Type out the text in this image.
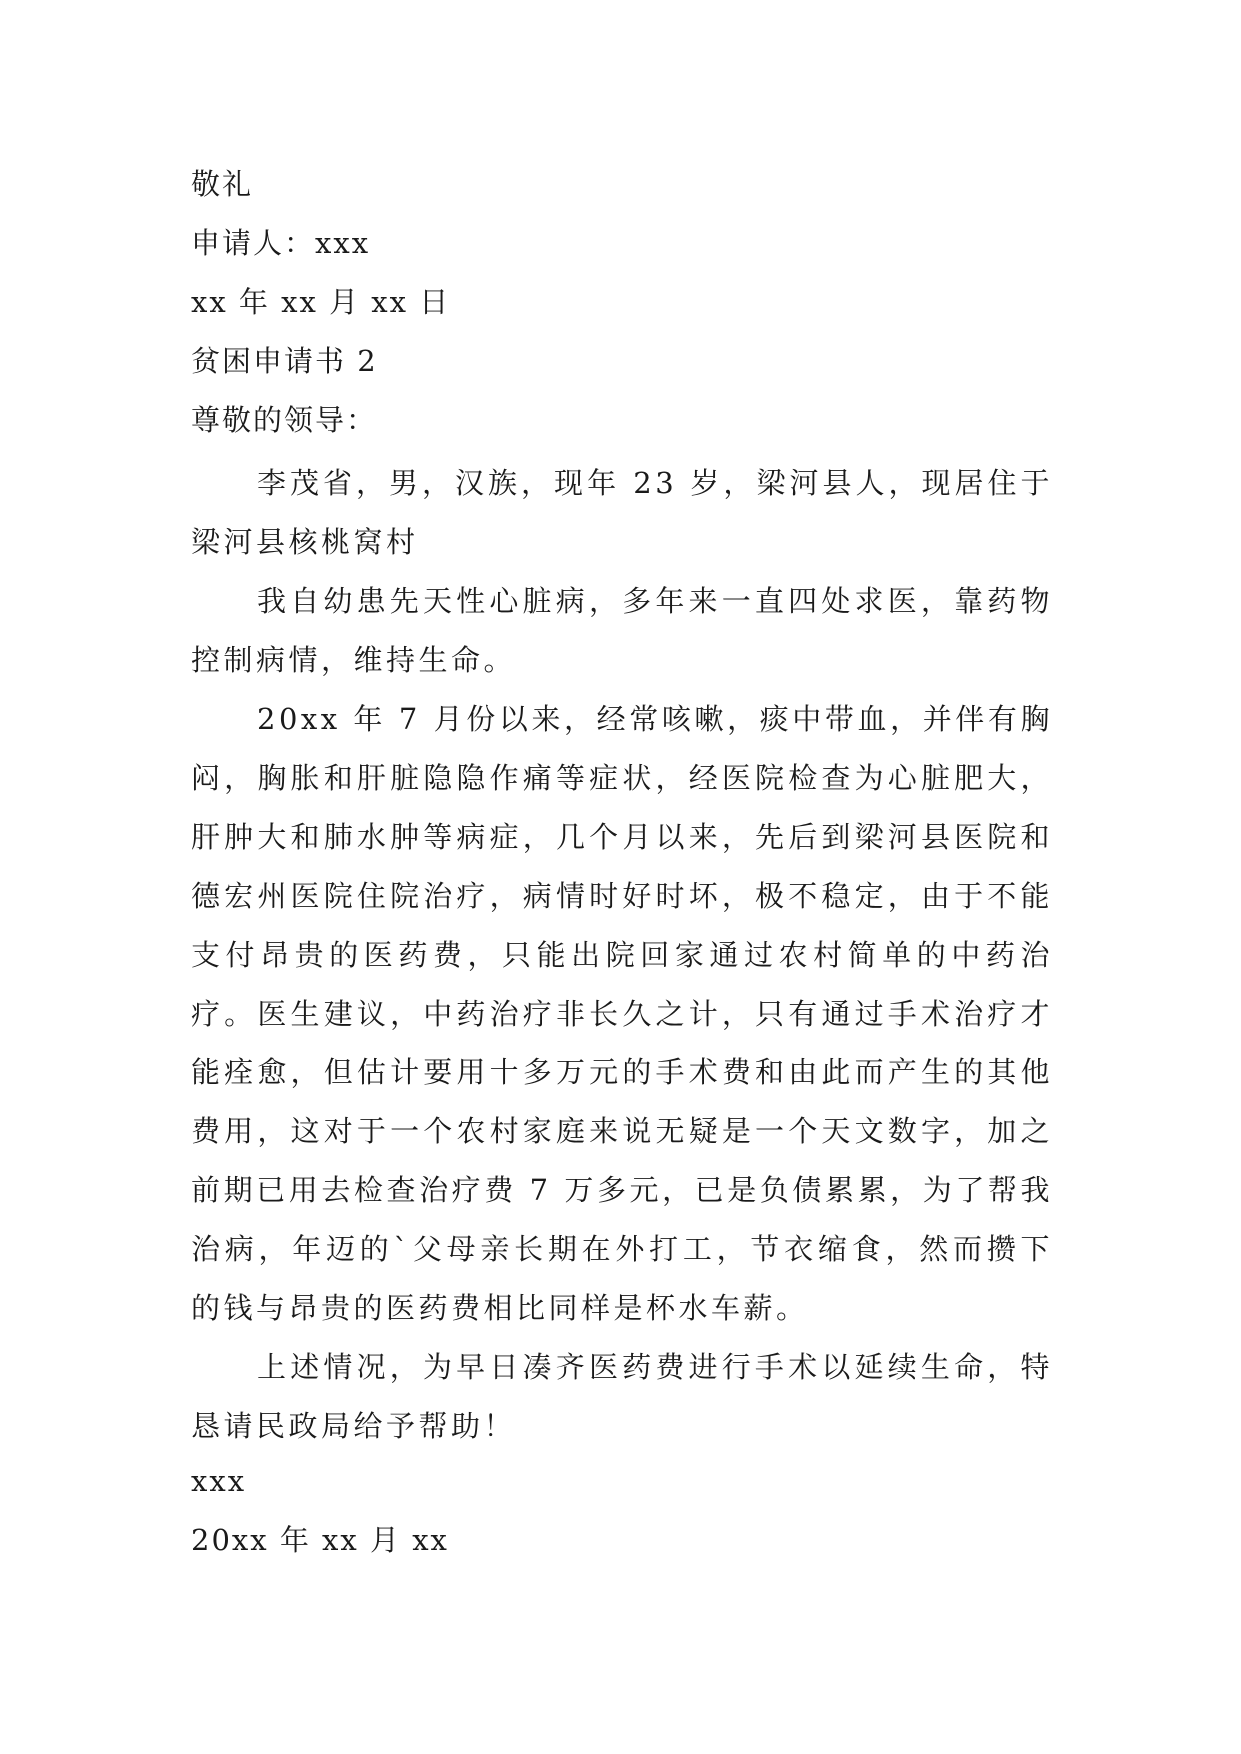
敬礼
申请人：xxx
xx 年 xx 月 xx 日
贫困申请书 2
尊敬的领导：
李茂省，男，汉族，现年 23 岁，梁河县人，现居住于梁河县核桃窝村
我自幼患先天性心脏病，多年来一直四处求医，靠药物控制病情，维持生命。
20xx 年 7 月份以来，经常咳嗽，痰中带血，并伴有胸闷，胸胀和肝脏隐隐作痛等症状，经医院检查为心脏肥大，肝肿大和肺水肿等病症，几个月以来，先后到梁河县医院和德宏州医院住院治疗，病情时好时坏，极不稳定，由于不能支付昂贵的医药费，只能出院回家通过农村简单的中药治疗。医生建议，中药治疗非长久之计，只有通过手术治疗才能痊愈，但估计要用十多万元的手术费和由此而产生的其他费用，这对于一个农村家庭来说无疑是一个天文数字，加之前期已用去检查治疗费 7 万多元，已是负债累累，为了帮我治病，年迈的`父母亲长期在外打工，节衣缩食，然而攒下的钱与昂贵的医药费相比同样是杯水车薪。
上述情况，为早日凑齐医药费进行手术以延续生命，特恳请民政局给予帮助！
xxx
20xx 年 xx 月 xx
